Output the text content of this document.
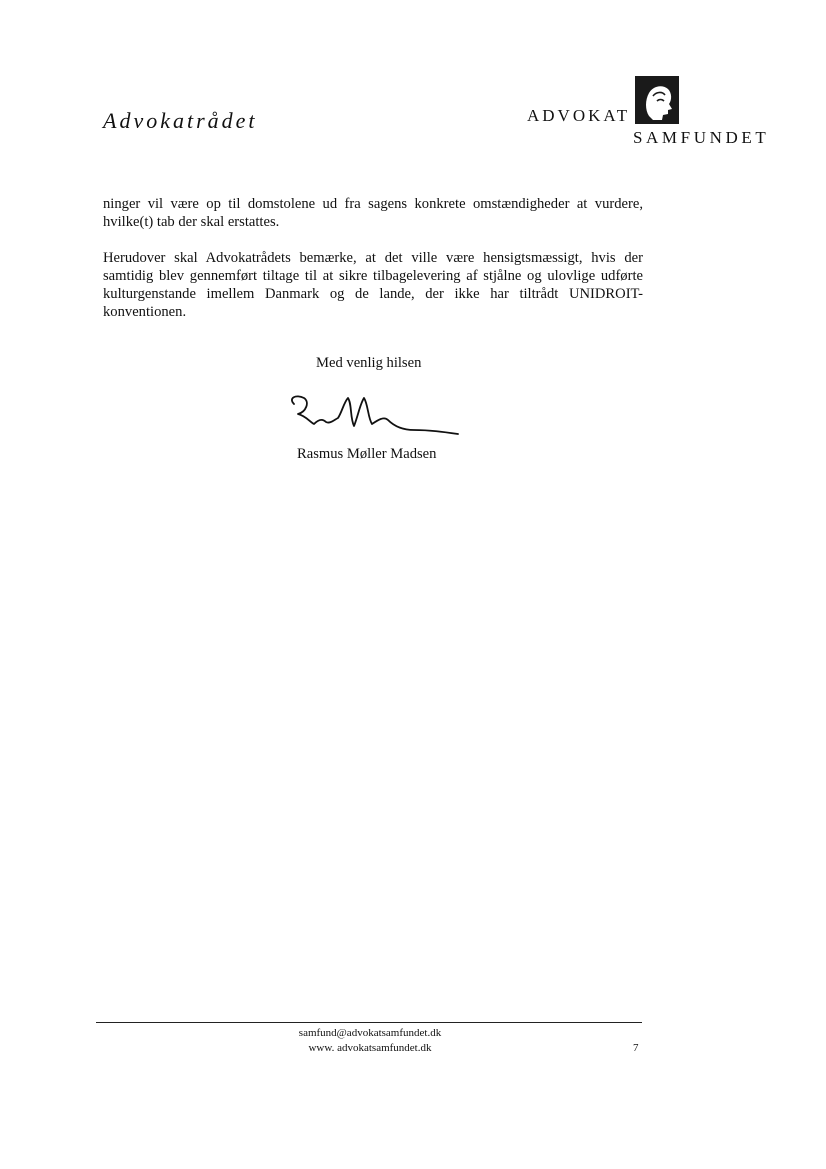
Advokatrådet	ADVOKAT
SAMFUNDET
ninger vil være op til domstolene ud fra sagens konkrete omstændigheder at vurdere, hvilke(t) tab der skal erstattes.
Herudover skal Advokatrådets bemærke, at det ville være hensigtsmæssigt, hvis der samtidig blev gennemført tiltage til at sikre tilbagelevering af stjålne og ulovlige udførte kulturgenstande imellem Danmark og de lande, der ikke har tiltrådt UNIDROIT-konventionen.
Med venlig hilsen
Rasmus Møller Madsen
samfund@advokatsamfundet.dk
www. advokatsamfundet.dk	7
